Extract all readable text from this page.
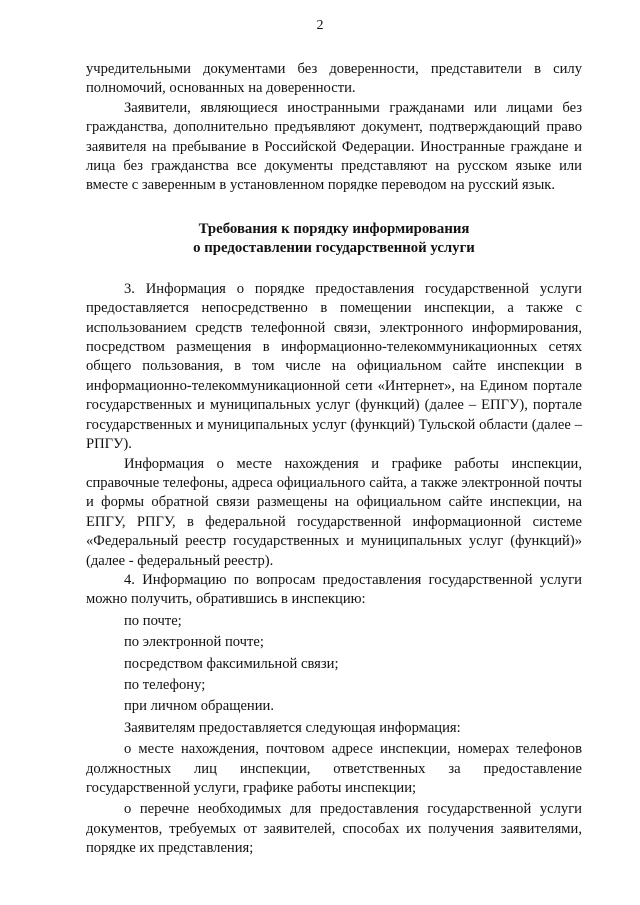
2

учредительными документами без доверенности, представители в силу полномочий, основанных на доверенности.

Заявители, являющиеся иностранными гражданами или лицами без гражданства, дополнительно предъявляют документ, подтверждающий право заявителя на пребывание в Российской Федерации. Иностранные граждане и лица без гражданства все документы представляют на русском языке или вместе с заверенным в установленном порядке переводом на русский язык.

Требования к порядку информирования
о предоставлении государственной услуги

3. Информация о порядке предоставления государственной услуги предоставляется непосредственно в помещении инспекции, а также с использованием средств телефонной связи, электронного информирования, посредством размещения в информационно-телекоммуникационных сетях общего пользования, в том числе на официальном сайте инспекции в информационно-телекоммуникационной сети «Интернет», на Едином портале государственных и муниципальных услуг (функций) (далее – ЕПГУ), портале государственных и муниципальных услуг (функций) Тульской области (далее – РПГУ).

Информация о месте нахождения и графике работы инспекции, справочные телефоны, адреса официального сайта, а также электронной почты и формы обратной связи размещены на официальном сайте инспекции, на ЕПГУ, РПГУ, в федеральной государственной информационной системе «Федеральный реестр государственных и муниципальных услуг (функций)» (далее - федеральный реестр).

4. Информацию по вопросам предоставления государственной услуги можно получить, обратившись в инспекцию:

по почте;

по электронной почте;

посредством факсимильной связи;

по телефону;

при личном обращении.

Заявителям предоставляется следующая информация:

о месте нахождения, почтовом адресе инспекции, номерах телефонов должностных лиц инспекции, ответственных за предоставление государственной услуги, графике работы инспекции;

о перечне необходимых для предоставления государственной услуги документов, требуемых от заявителей, способах их получения заявителями, порядке их представления;
